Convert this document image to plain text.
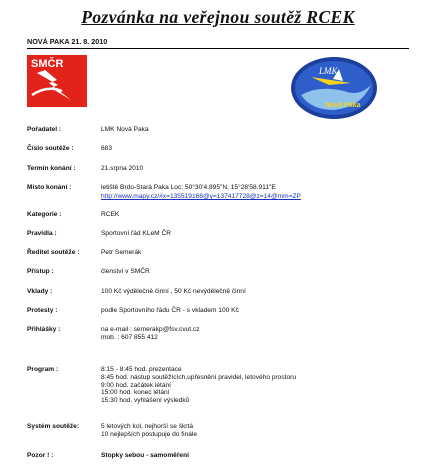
Pozvánka na veřejnou soutěž RCEK
NOVÁ PAKA 21. 8. 2010
SMČR
LMK
Nová Paka
Pořadatel :	LMK Nová Paka
Číslo soutěže :	683
Termín konání :	21.srpna 2010
Místo konání :	letiště Brdo-Stará Paka Loc: 50°30'4.895"N, 15°28'58.911"E
http://www.mapy.cz/#x=135519168@y=137417728@z=14@mm=ZP
Kategorie :	RCEK
Pravidla :	Sportovní řád KLeM ČR
Ředitel soutěže :	Petr Semerák
Přístup :	členství v SMČR
Vklady :	100 Kč výdělečně činní , 50 Kč nevýdělečně činní
Protesty :	podle Sportovního řádu ČR - s vkladem 100 Kč
Přihlášky :	na e-mail : semerakp@fsv.cvut.cz
mob. : 607 855 412
Program :	8:15 - 8:45 hod. prezentace
8:45 hod. nástup soutěžících,upřesnění pravidel, letového prostoru
9:00 hod. začátek létání
15:00 hod. konec létání
15:30 hod. vyhlášení výsledků
Systém soutěže:	5 letových kol, nejhorší se škrtá
10 nejlepších postupuje do finále
Pozor ! :	Stopky sebou - samoměření
